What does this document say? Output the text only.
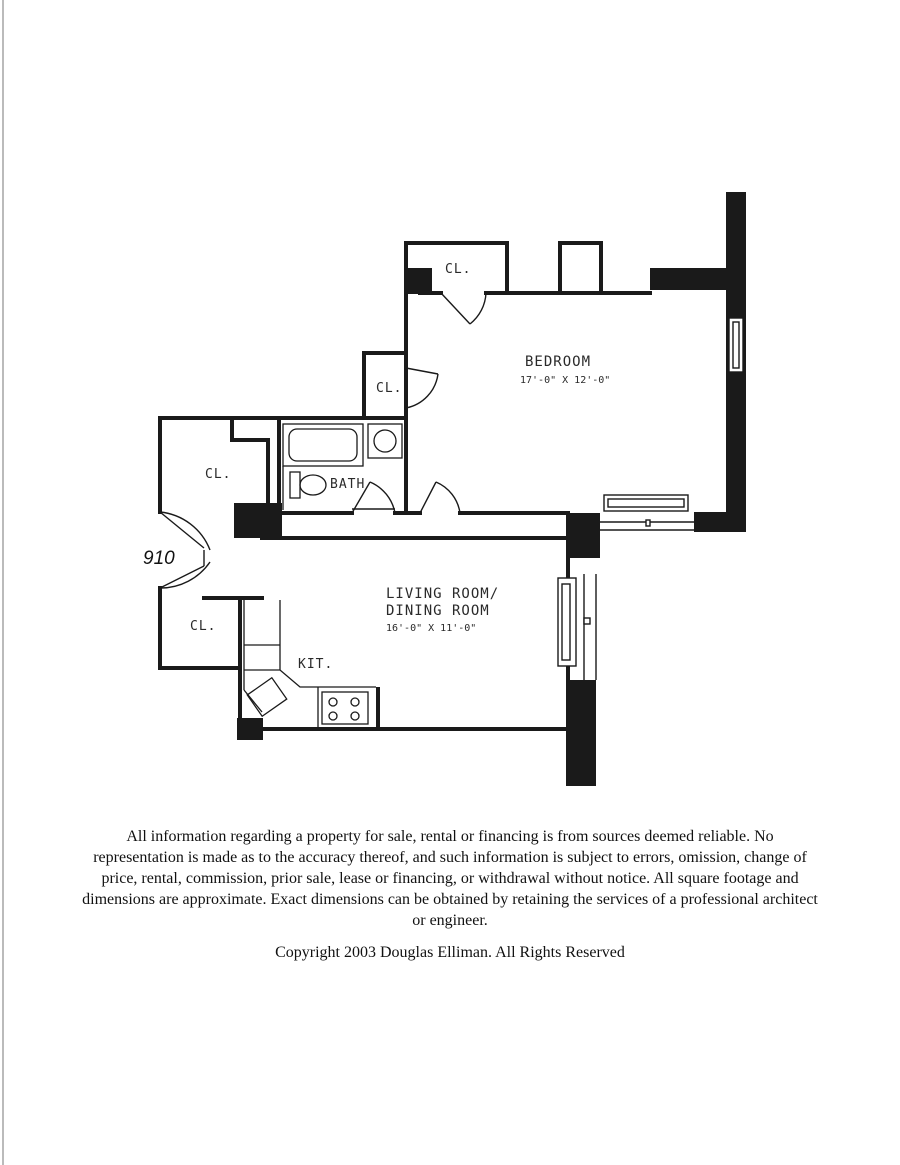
BEDROOM
17'-0" X 12'-0"
LIVING ROOM/
DINING ROOM
16'-0" X 11'-0"
BATH
KIT.
CL.
CL.
CL.
CL.
910
All information regarding a property for sale, rental or financing is from sources deemed reliable. No representation is made as to the accuracy thereof, and such information is subject to errors, omission, change of price, rental, commission, prior sale, lease or financing, or withdrawal without notice. All square footage and dimensions are approximate. Exact dimensions can be obtained by retaining the services of a professional architect or engineer.
Copyright 2003 Douglas Elliman. All Rights Reserved
